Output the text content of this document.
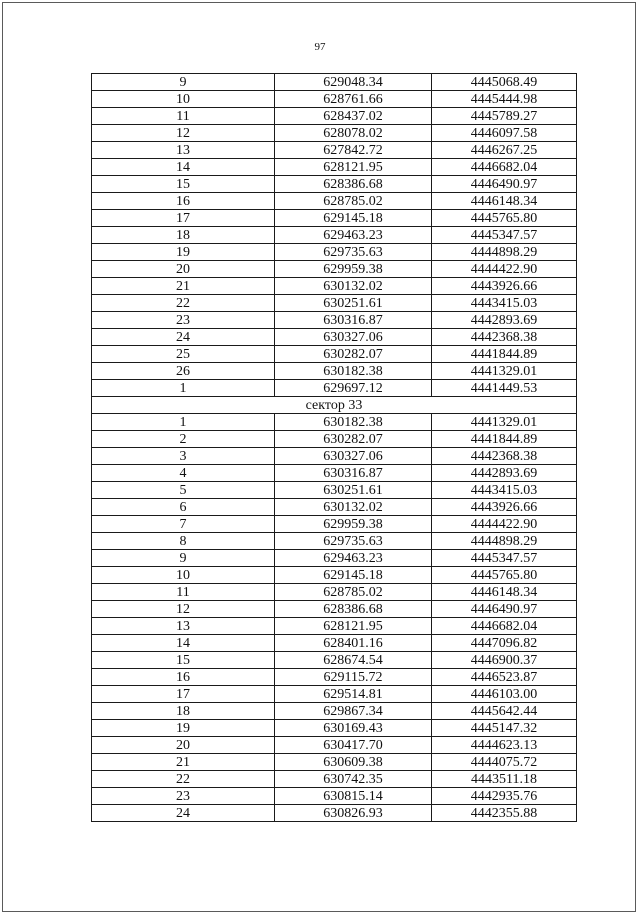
97
9	629048.34	4445068.49
10	628761.66	4445444.98
11	628437.02	4445789.27
12	628078.02	4446097.58
13	627842.72	4446267.25
14	628121.95	4446682.04
15	628386.68	4446490.97
16	628785.02	4446148.34
17	629145.18	4445765.80
18	629463.23	4445347.57
19	629735.63	4444898.29
20	629959.38	4444422.90
21	630132.02	4443926.66
22	630251.61	4443415.03
23	630316.87	4442893.69
24	630327.06	4442368.38
25	630282.07	4441844.89
26	630182.38	4441329.01
1	629697.12	4441449.53
сектор 33		
1	630182.38	4441329.01
2	630282.07	4441844.89
3	630327.06	4442368.38
4	630316.87	4442893.69
5	630251.61	4443415.03
6	630132.02	4443926.66
7	629959.38	4444422.90
8	629735.63	4444898.29
9	629463.23	4445347.57
10	629145.18	4445765.80
11	628785.02	4446148.34
12	628386.68	4446490.97
13	628121.95	4446682.04
14	628401.16	4447096.82
15	628674.54	4446900.37
16	629115.72	4446523.87
17	629514.81	4446103.00
18	629867.34	4445642.44
19	630169.43	4445147.32
20	630417.70	4444623.13
21	630609.38	4444075.72
22	630742.35	4443511.18
23	630815.14	4442935.76
24	630826.93	4442355.88
